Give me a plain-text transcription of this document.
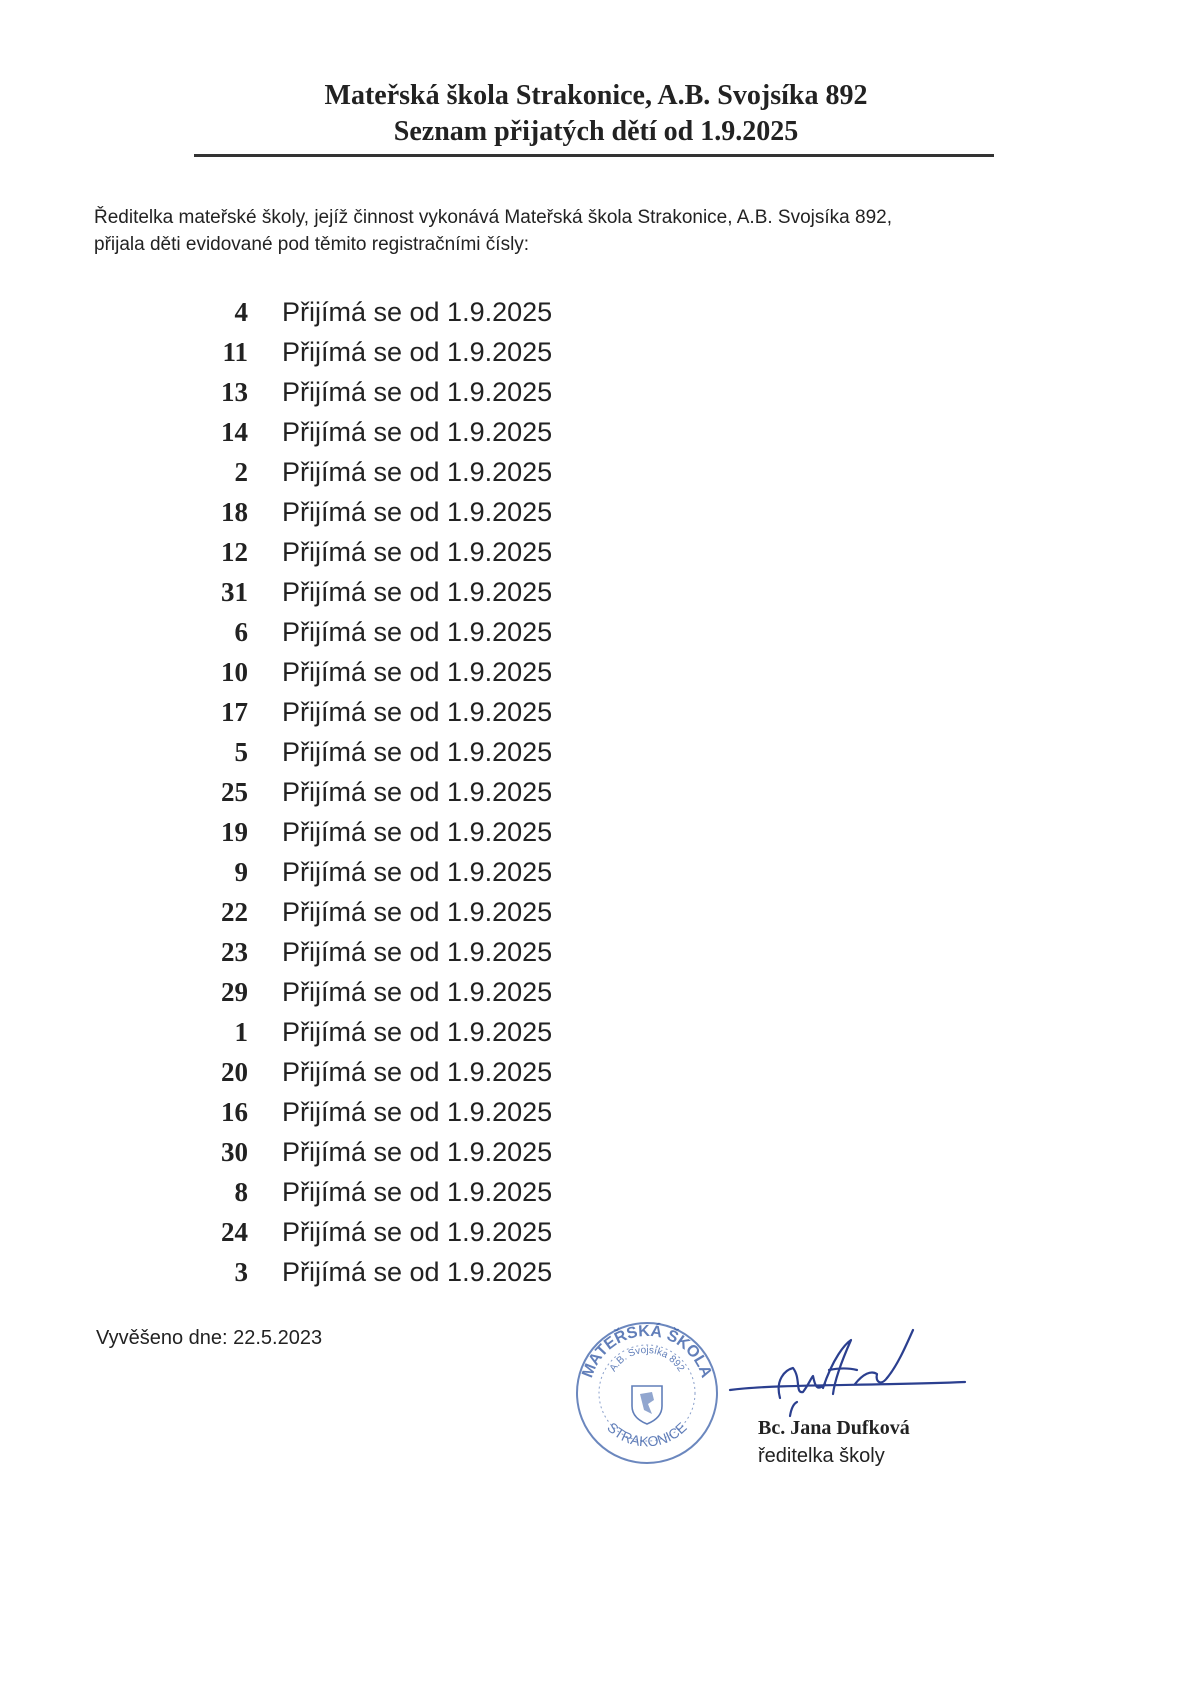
Mateřská škola Strakonice, A.B. Svojsíka 892
Seznam přijatých dětí od 1.9.2025
Ředitelka mateřské školy, jejíž činnost vykonává Mateřská škola Strakonice, A.B. Svojsíka 892,
přijala děti evidované pod těmito registračními čísly:
4 Přijímá se od 1.9.2025
11 Přijímá se od 1.9.2025
13 Přijímá se od 1.9.2025
14 Přijímá se od 1.9.2025
2 Přijímá se od 1.9.2025
18 Přijímá se od 1.9.2025
12 Přijímá se od 1.9.2025
31 Přijímá se od 1.9.2025
6 Přijímá se od 1.9.2025
10 Přijímá se od 1.9.2025
17 Přijímá se od 1.9.2025
5 Přijímá se od 1.9.2025
25 Přijímá se od 1.9.2025
19 Přijímá se od 1.9.2025
9 Přijímá se od 1.9.2025
22 Přijímá se od 1.9.2025
23 Přijímá se od 1.9.2025
29 Přijímá se od 1.9.2025
1 Přijímá se od 1.9.2025
20 Přijímá se od 1.9.2025
16 Přijímá se od 1.9.2025
30 Přijímá se od 1.9.2025
8 Přijímá se od 1.9.2025
24 Přijímá se od 1.9.2025
3 Přijímá se od 1.9.2025
Vyvěšeno dne: 22.5.2023
MATEŘSKÁ ŠKOLA
A.B. Svojsíka 892
STRAKONICE	Bc. Jana Dufková
ředitelka školy
